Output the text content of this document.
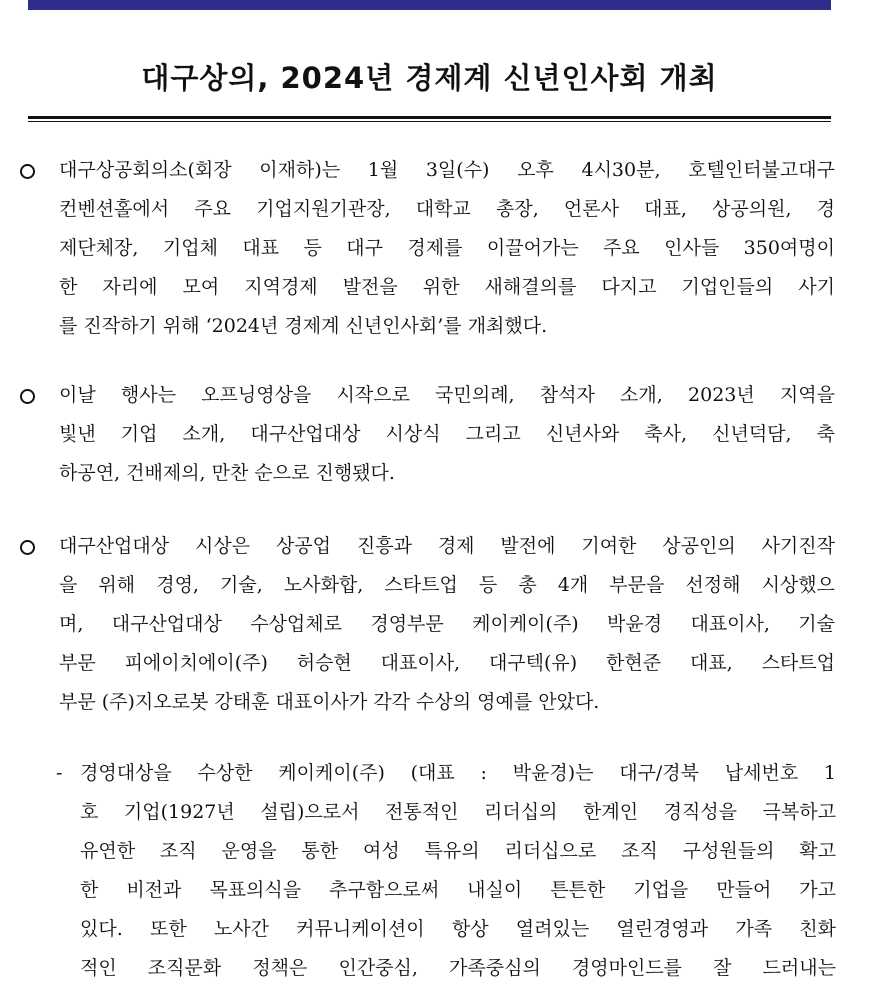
대구상의, 2024년 경제계 신년인사회 개최
대구상공회의소(회장 이재하)는 1월 3일(수) 오후 4시30분, 호텔인터불고대구
컨벤션홀에서 주요 기업지원기관장, 대학교 총장, 언론사 대표, 상공의원, 경
제단체장, 기업체 대표 등 대구 경제를 이끌어가는 주요 인사들 350여명이
한 자리에 모여 지역경제 발전을 위한 새해결의를 다지고 기업인들의 사기
를 진작하기 위해 ‘2024년 경제계 신년인사회’를 개최했다.
이날 행사는 오프닝영상을 시작으로 국민의례, 참석자 소개, 2023년 지역을
빛낸 기업 소개, 대구산업대상 시상식 그리고 신년사와 축사, 신년덕담, 축
하공연, 건배제의, 만찬 순으로 진행됐다.
대구산업대상 시상은 상공업 진흥과 경제 발전에 기여한 상공인의 사기진작
을 위해 경영, 기술, 노사화합, 스타트업 등 총 4개 부문을 선정해 시상했으
며, 대구산업대상 수상업체로 경영부문 케이케이(주) 박윤경 대표이사, 기술
부문 피에이치에이(주) 허승현 대표이사, 대구텍(유) 한현준 대표, 스타트업
부문 (주)지오로봇 강태훈 대표이사가 각각 수상의 영예를 안았다.
- 경영대상을 수상한 케이케이(주) (대표 : 박윤경)는 대구/경북 납세번호 1
호 기업(1927년 설립)으로서 전통적인 리더십의 한계인 경직성을 극복하고
유연한 조직 운영을 통한 여성 특유의 리더십으로 조직 구성원들의 확고
한 비전과 목표의식을 추구함으로써 내실이 튼튼한 기업을 만들어 가고
있다. 또한 노사간 커뮤니케이션이 항상 열려있는 열린경영과 가족 친화
적인 조직문화 정책은 인간중심, 가족중심의 경영마인드를 잘 드러내는
